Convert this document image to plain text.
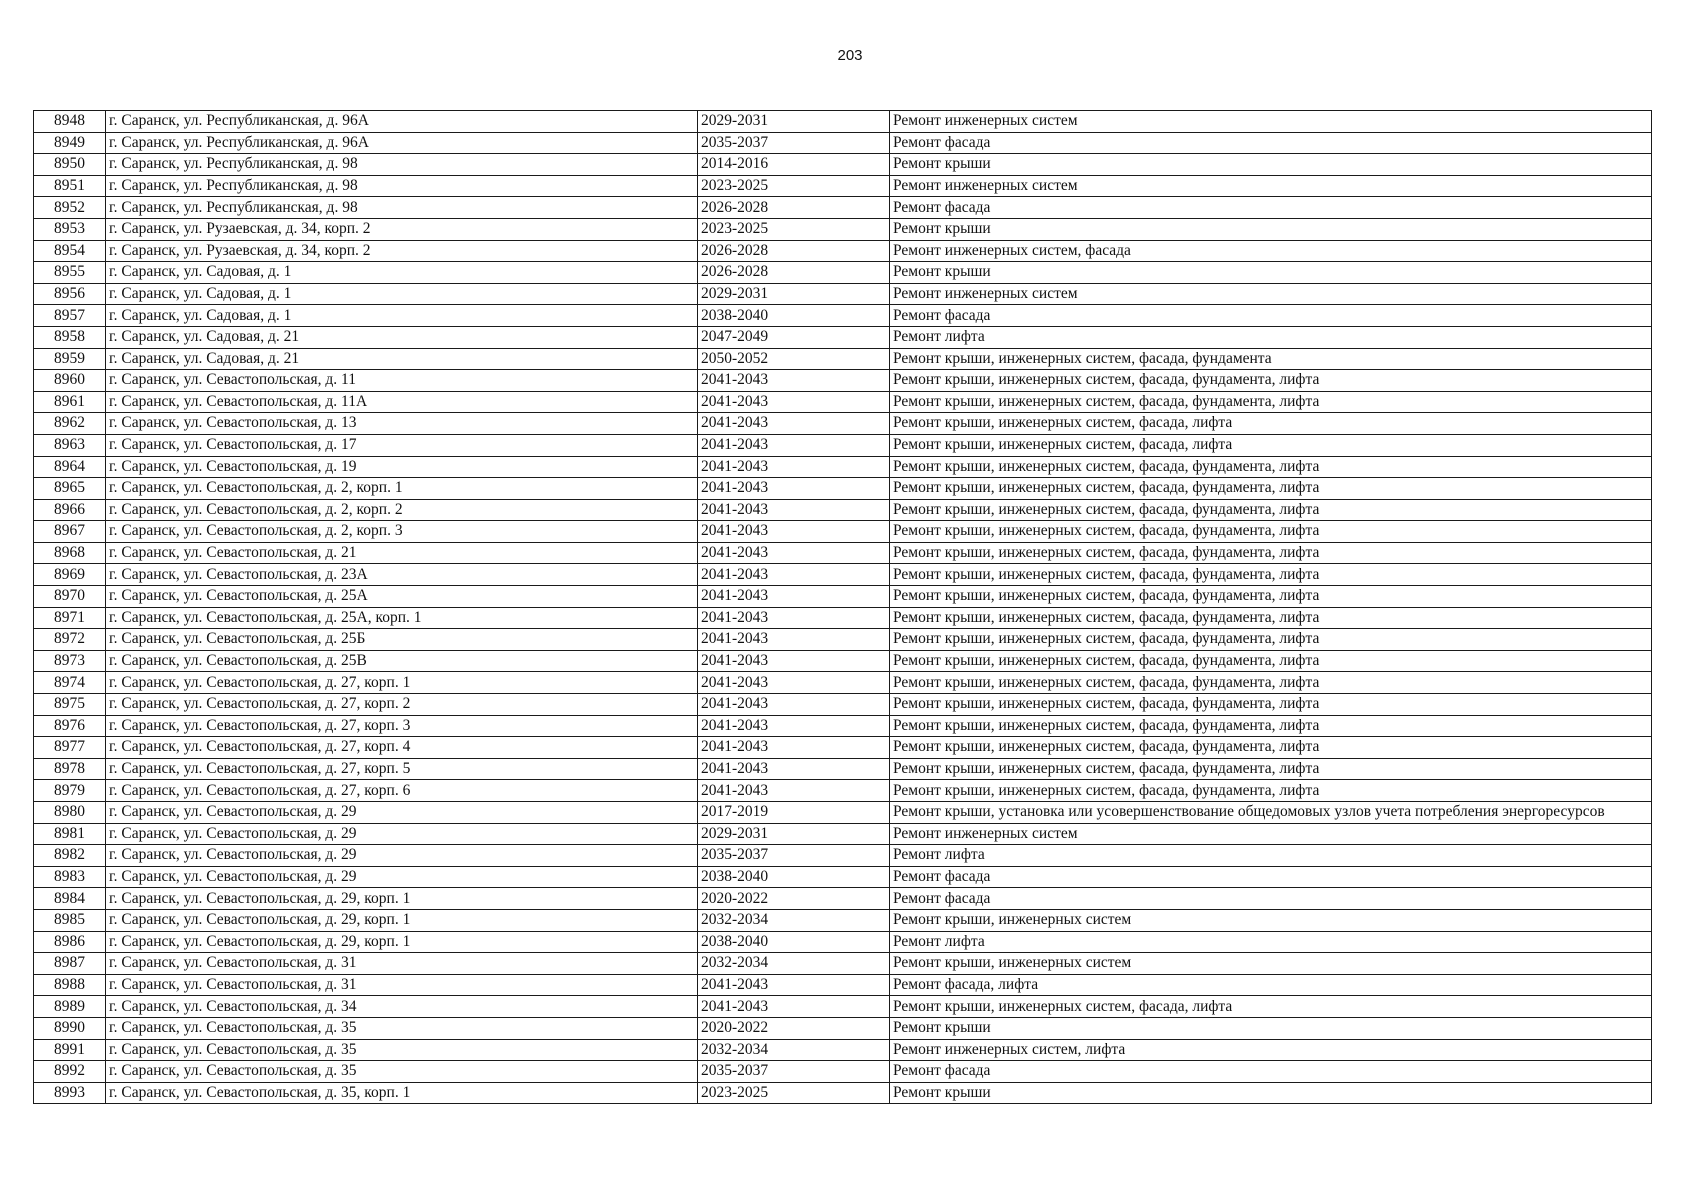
203
8948	г. Саранск, ул. Республиканская, д. 96А	2029-2031	Ремонт инженерных систем
8949	г. Саранск, ул. Республиканская, д. 96А	2035-2037	Ремонт фасада
8950	г. Саранск, ул. Республиканская, д. 98	2014-2016	Ремонт крыши
8951	г. Саранск, ул. Республиканская, д. 98	2023-2025	Ремонт инженерных систем
8952	г. Саранск, ул. Республиканская, д. 98	2026-2028	Ремонт фасада
8953	г. Саранск, ул. Рузаевская, д. 34, корп. 2	2023-2025	Ремонт крыши
8954	г. Саранск, ул. Рузаевская, д. 34, корп. 2	2026-2028	Ремонт инженерных систем, фасада
8955	г. Саранск, ул. Садовая, д. 1	2026-2028	Ремонт крыши
8956	г. Саранск, ул. Садовая, д. 1	2029-2031	Ремонт инженерных систем
8957	г. Саранск, ул. Садовая, д. 1	2038-2040	Ремонт фасада
8958	г. Саранск, ул. Садовая, д. 21	2047-2049	Ремонт лифта
8959	г. Саранск, ул. Садовая, д. 21	2050-2052	Ремонт крыши, инженерных систем, фасада, фундамента
8960	г. Саранск, ул. Севастопольская, д. 11	2041-2043	Ремонт крыши, инженерных систем, фасада, фундамента, лифта
8961	г. Саранск, ул. Севастопольская, д. 11А	2041-2043	Ремонт крыши, инженерных систем, фасада, фундамента, лифта
8962	г. Саранск, ул. Севастопольская, д. 13	2041-2043	Ремонт крыши, инженерных систем, фасада, лифта
8963	г. Саранск, ул. Севастопольская, д. 17	2041-2043	Ремонт крыши, инженерных систем, фасада, лифта
8964	г. Саранск, ул. Севастопольская, д. 19	2041-2043	Ремонт крыши, инженерных систем, фасада, фундамента, лифта
8965	г. Саранск, ул. Севастопольская, д. 2, корп. 1	2041-2043	Ремонт крыши, инженерных систем, фасада, фундамента, лифта
8966	г. Саранск, ул. Севастопольская, д. 2, корп. 2	2041-2043	Ремонт крыши, инженерных систем, фасада, фундамента, лифта
8967	г. Саранск, ул. Севастопольская, д. 2, корп. 3	2041-2043	Ремонт крыши, инженерных систем, фасада, фундамента, лифта
8968	г. Саранск, ул. Севастопольская, д. 21	2041-2043	Ремонт крыши, инженерных систем, фасада, фундамента, лифта
8969	г. Саранск, ул. Севастопольская, д. 23А	2041-2043	Ремонт крыши, инженерных систем, фасада, фундамента, лифта
8970	г. Саранск, ул. Севастопольская, д. 25А	2041-2043	Ремонт крыши, инженерных систем, фасада, фундамента, лифта
8971	г. Саранск, ул. Севастопольская, д. 25А, корп. 1	2041-2043	Ремонт крыши, инженерных систем, фасада, фундамента, лифта
8972	г. Саранск, ул. Севастопольская, д. 25Б	2041-2043	Ремонт крыши, инженерных систем, фасада, фундамента, лифта
8973	г. Саранск, ул. Севастопольская, д. 25В	2041-2043	Ремонт крыши, инженерных систем, фасада, фундамента, лифта
8974	г. Саранск, ул. Севастопольская, д. 27, корп. 1	2041-2043	Ремонт крыши, инженерных систем, фасада, фундамента, лифта
8975	г. Саранск, ул. Севастопольская, д. 27, корп. 2	2041-2043	Ремонт крыши, инженерных систем, фасада, фундамента, лифта
8976	г. Саранск, ул. Севастопольская, д. 27, корп. 3	2041-2043	Ремонт крыши, инженерных систем, фасада, фундамента, лифта
8977	г. Саранск, ул. Севастопольская, д. 27, корп. 4	2041-2043	Ремонт крыши, инженерных систем, фасада, фундамента, лифта
8978	г. Саранск, ул. Севастопольская, д. 27, корп. 5	2041-2043	Ремонт крыши, инженерных систем, фасада, фундамента, лифта
8979	г. Саранск, ул. Севастопольская, д. 27, корп. 6	2041-2043	Ремонт крыши, инженерных систем, фасада, фундамента, лифта
8980	г. Саранск, ул. Севастопольская, д. 29	2017-2019	Ремонт крыши, установка или усовершенствование общедомовых узлов учета потребления энергоресурсов
8981	г. Саранск, ул. Севастопольская, д. 29	2029-2031	Ремонт инженерных систем
8982	г. Саранск, ул. Севастопольская, д. 29	2035-2037	Ремонт лифта
8983	г. Саранск, ул. Севастопольская, д. 29	2038-2040	Ремонт фасада
8984	г. Саранск, ул. Севастопольская, д. 29, корп. 1	2020-2022	Ремонт фасада
8985	г. Саранск, ул. Севастопольская, д. 29, корп. 1	2032-2034	Ремонт крыши, инженерных систем
8986	г. Саранск, ул. Севастопольская, д. 29, корп. 1	2038-2040	Ремонт лифта
8987	г. Саранск, ул. Севастопольская, д. 31	2032-2034	Ремонт крыши, инженерных систем
8988	г. Саранск, ул. Севастопольская, д. 31	2041-2043	Ремонт фасада, лифта
8989	г. Саранск, ул. Севастопольская, д. 34	2041-2043	Ремонт крыши, инженерных систем, фасада, лифта
8990	г. Саранск, ул. Севастопольская, д. 35	2020-2022	Ремонт крыши
8991	г. Саранск, ул. Севастопольская, д. 35	2032-2034	Ремонт инженерных систем, лифта
8992	г. Саранск, ул. Севастопольская, д. 35	2035-2037	Ремонт фасада
8993	г. Саранск, ул. Севастопольская, д. 35, корп. 1	2023-2025	Ремонт крыши
